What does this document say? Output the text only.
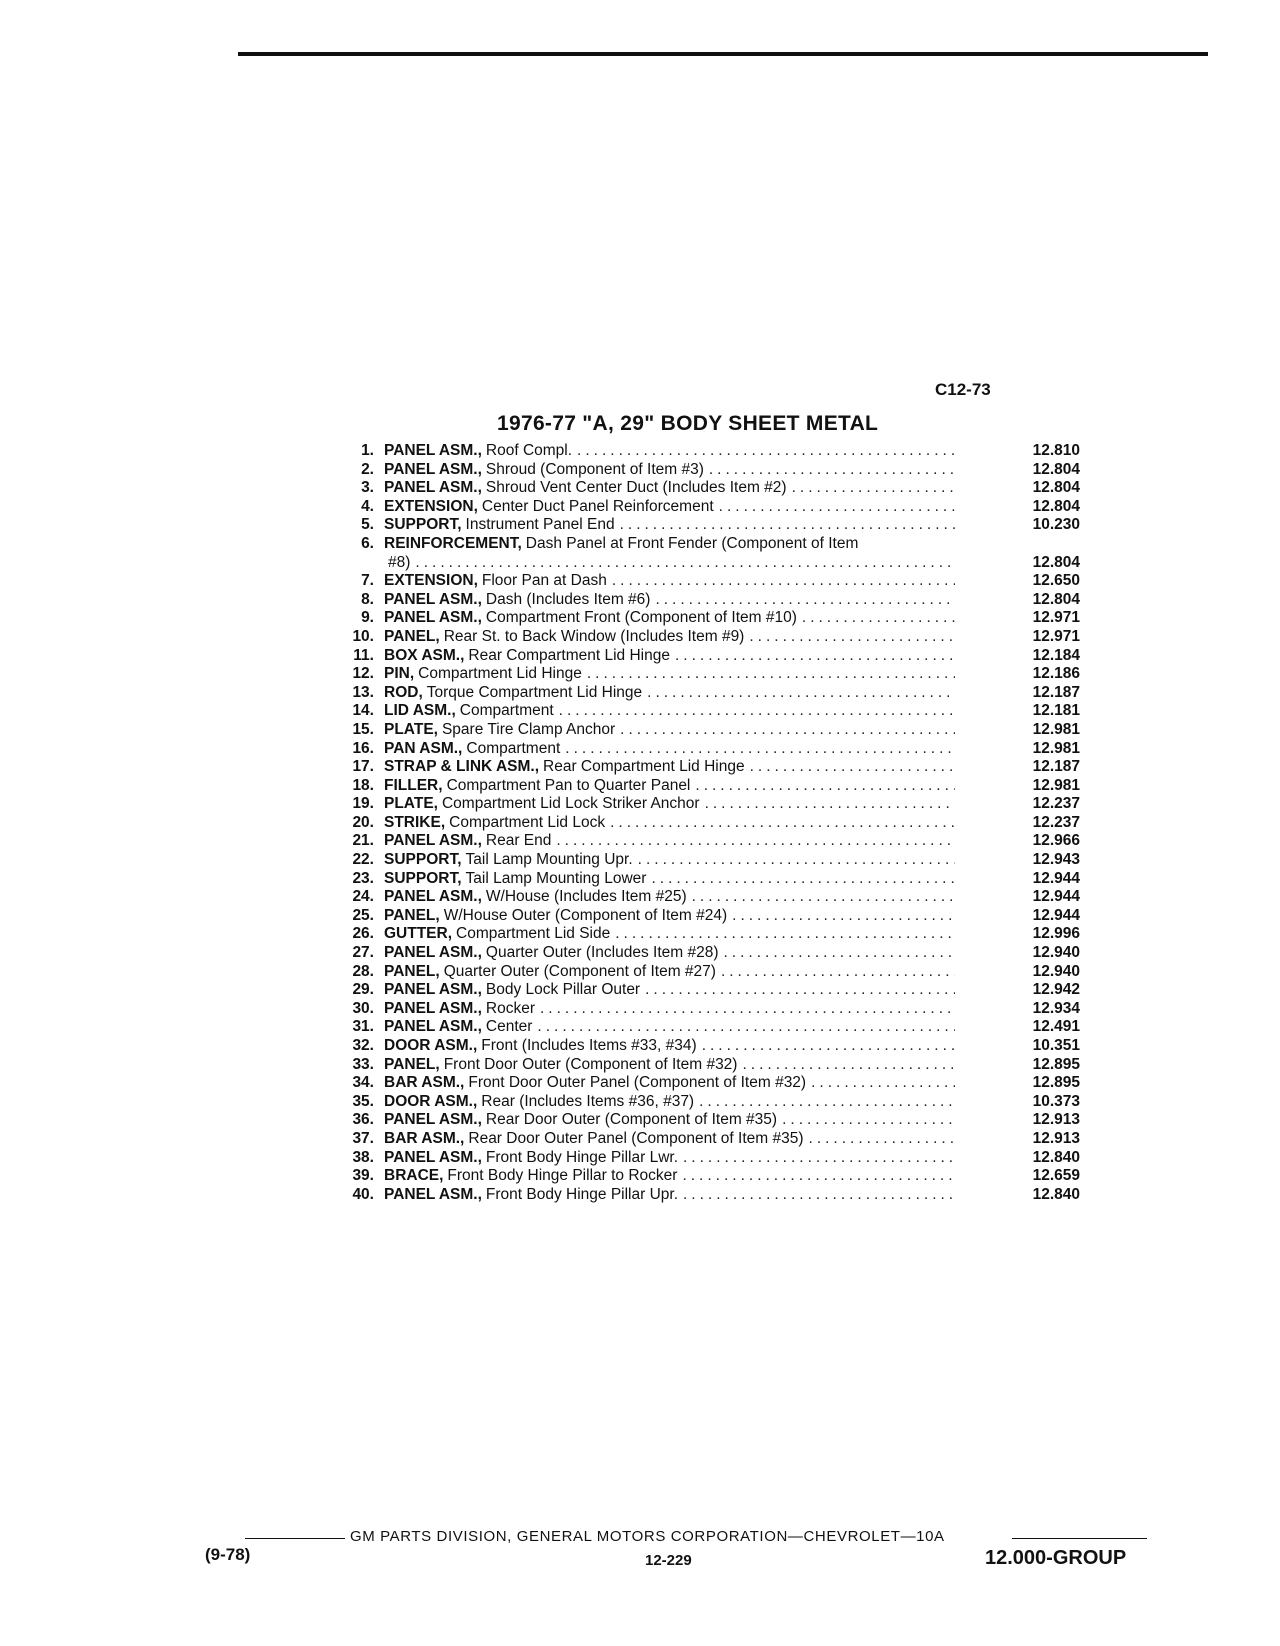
C12-73
1976-77 "A, 29" BODY SHEET METAL
1. PANEL ASM., Roof Compl. .....	12.810
2. PANEL ASM., Shroud (Component of Item #3) .....	12.804
3. PANEL ASM., Shroud Vent Center Duct (Includes Item #2) .....	12.804
4. EXTENSION, Center Duct Panel Reinforcement .....	12.804
5. SUPPORT, Instrument Panel End .....	10.230
6. REINFORCEMENT, Dash Panel at Front Fender (Component of Item
#8) .....	12.804
7. EXTENSION, Floor Pan at Dash .....	12.650
8. PANEL ASM., Dash (Includes Item #6) .....	12.804
9. PANEL ASM., Compartment Front (Component of Item #10) .....	12.971
10. PANEL, Rear St. to Back Window (Includes Item #9) .....	12.971
11. BOX ASM., Rear Compartment Lid Hinge .....	12.184
12. PIN, Compartment Lid Hinge .....	12.186
13. ROD, Torque Compartment Lid Hinge .....	12.187
14. LID ASM., Compartment .....	12.181
15. PLATE, Spare Tire Clamp Anchor .....	12.981
16. PAN ASM., Compartment .....	12.981
17. STRAP & LINK ASM., Rear Compartment Lid Hinge .....	12.187
18. FILLER, Compartment Pan to Quarter Panel .....	12.981
19. PLATE, Compartment Lid Lock Striker Anchor .....	12.237
20. STRIKE, Compartment Lid Lock .....	12.237
21. PANEL ASM., Rear End .....	12.966
22. SUPPORT, Tail Lamp Mounting Upr. .....	12.943
23. SUPPORT, Tail Lamp Mounting Lower .....	12.944
24. PANEL ASM., W/House (Includes Item #25) .....	12.944
25. PANEL, W/House Outer (Component of Item #24) .....	12.944
26. GUTTER, Compartment Lid Side .....	12.996
27. PANEL ASM., Quarter Outer (Includes Item #28) .....	12.940
28. PANEL, Quarter Outer (Component of Item #27) .....	12.940
29. PANEL ASM., Body Lock Pillar Outer .....	12.942
30. PANEL ASM., Rocker .....	12.934
31. PANEL ASM., Center .....	12.491
32. DOOR ASM., Front (Includes Items #33, #34) .....	10.351
33. PANEL, Front Door Outer (Component of Item #32) .....	12.895
34. BAR ASM., Front Door Outer Panel (Component of Item #32) .....	12.895
35. DOOR ASM., Rear (Includes Items #36, #37) .....	10.373
36. PANEL ASM., Rear Door Outer (Component of Item #35) .....	12.913
37. BAR ASM., Rear Door Outer Panel (Component of Item #35) .....	12.913
38. PANEL ASM., Front Body Hinge Pillar Lwr. .....	12.840
39. BRACE, Front Body Hinge Pillar to Rocker .....	12.659
40. PANEL ASM., Front Body Hinge Pillar Upr. .....	12.840
GM PARTS DIVISION, GENERAL MOTORS CORPORATION—CHEVROLET—10A
(9-78)	12-229	12.000-GROUP
